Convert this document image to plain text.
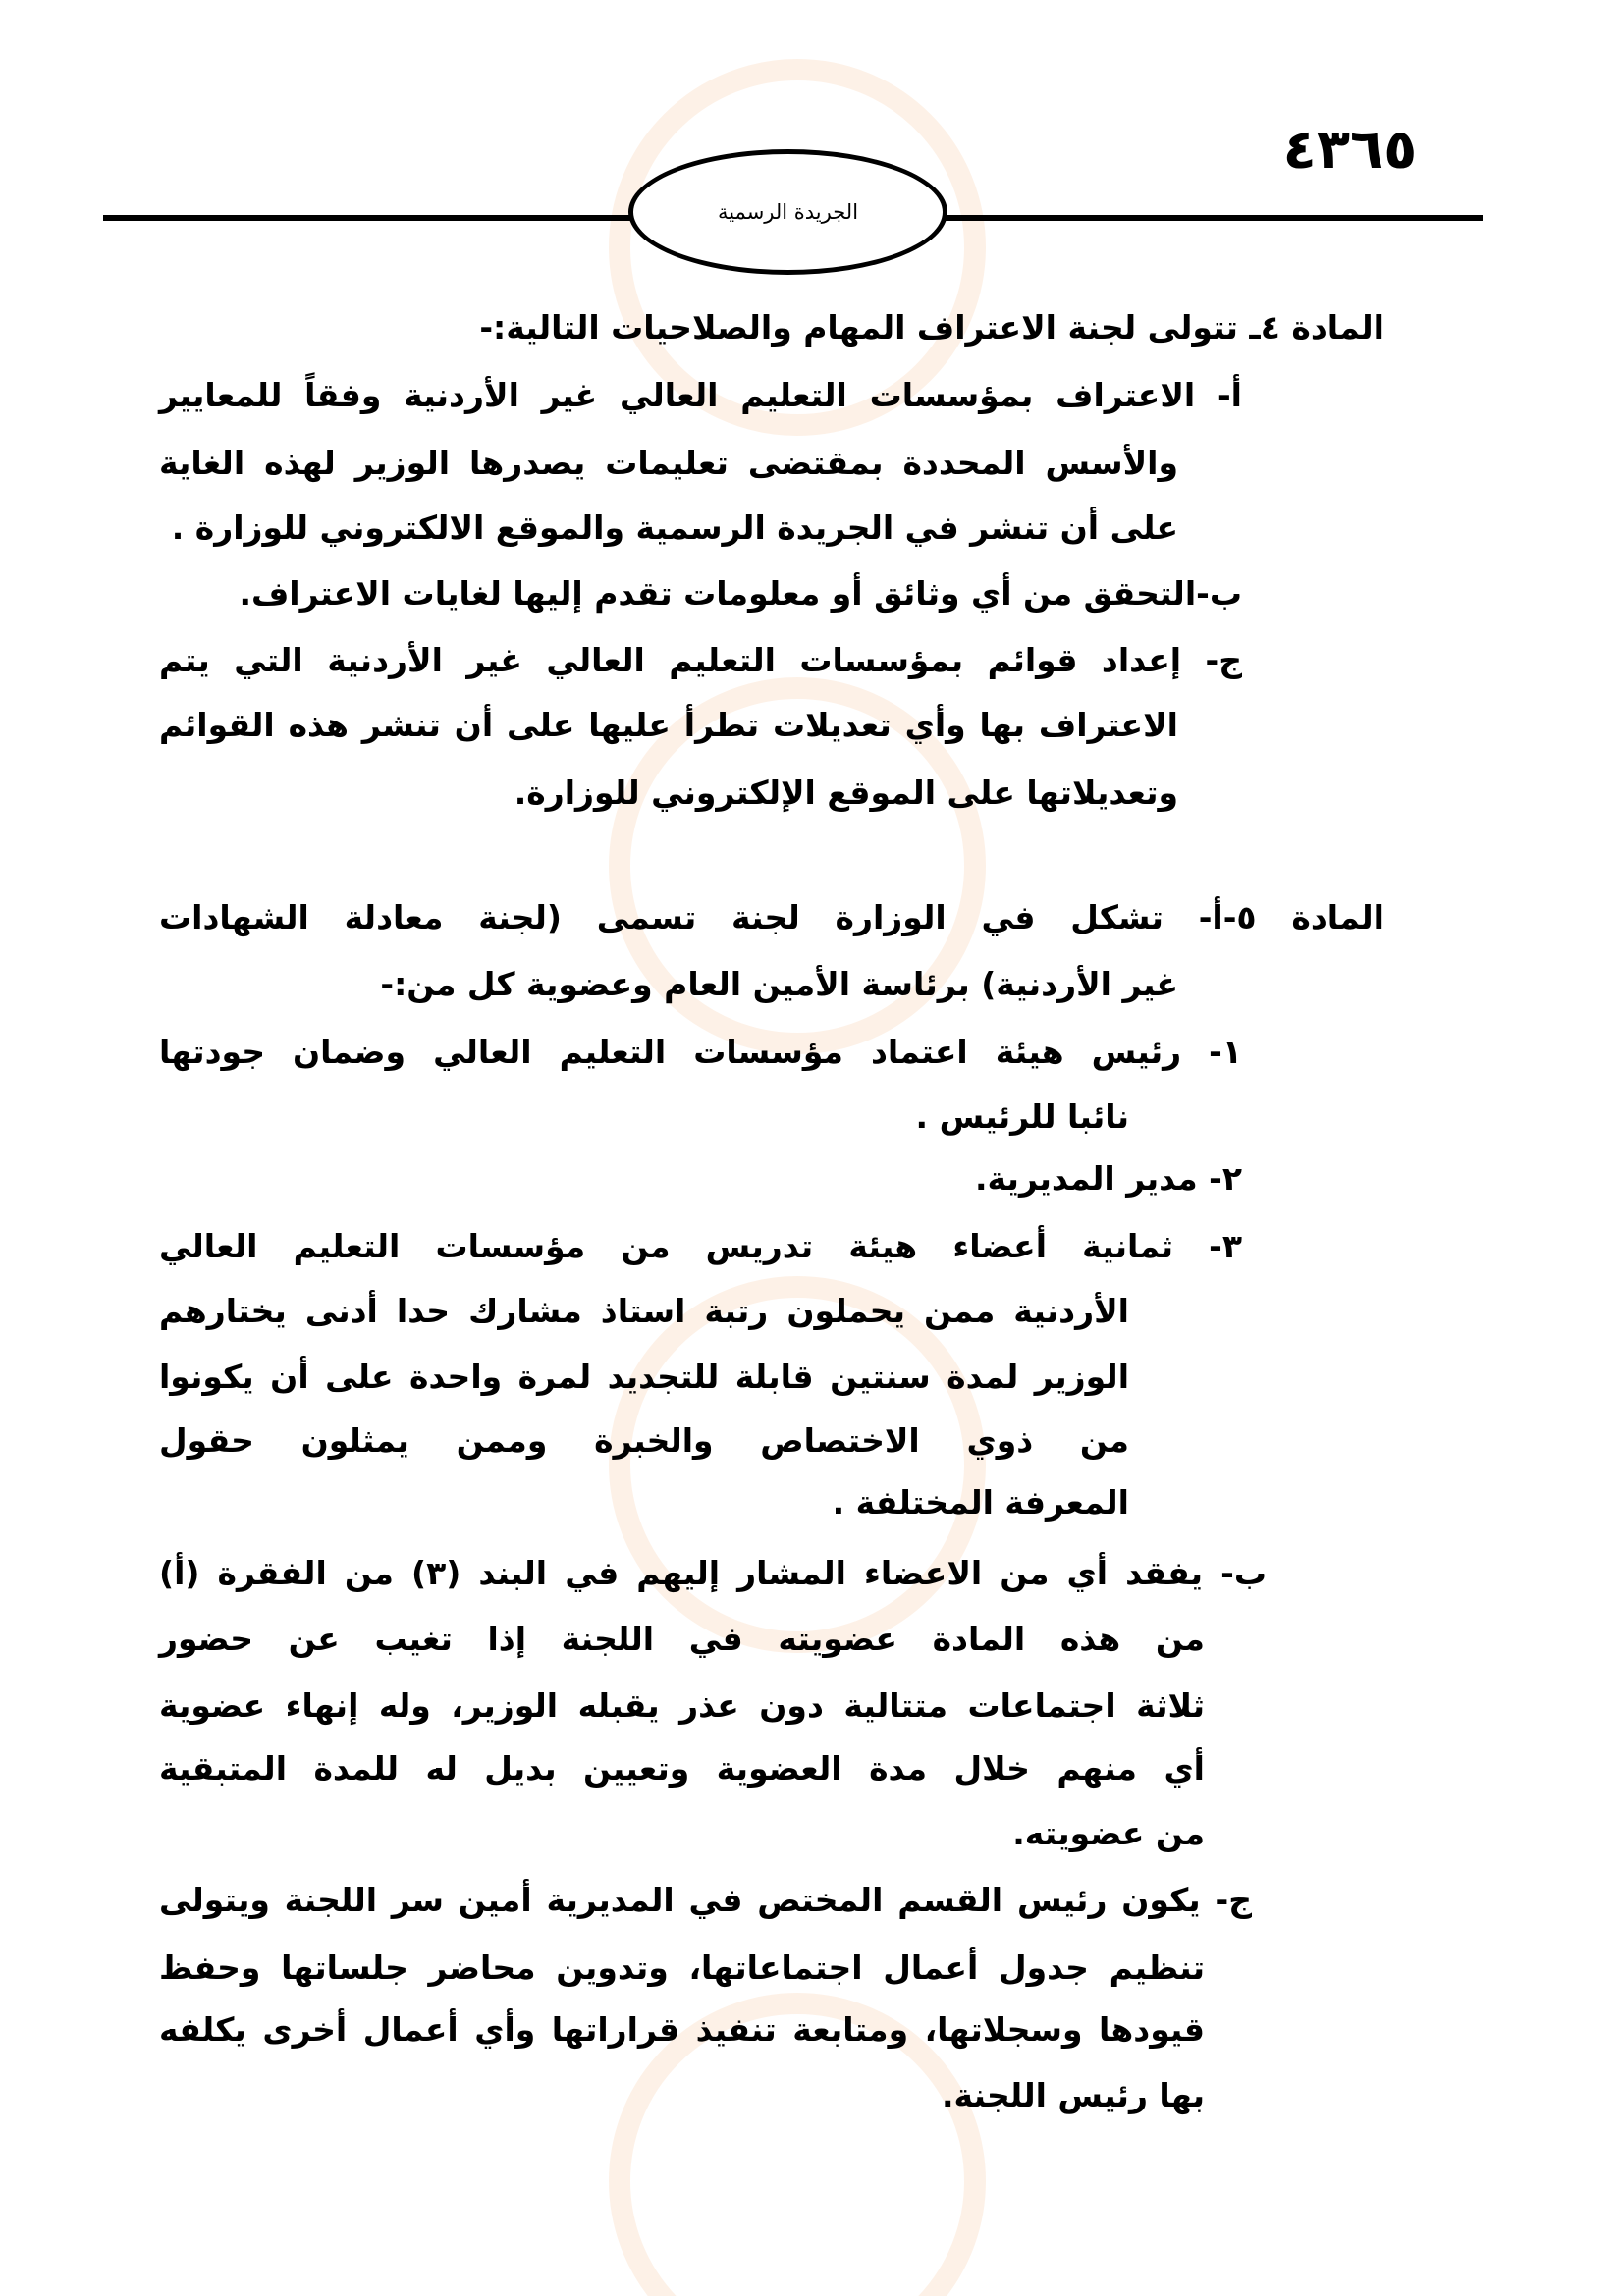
٤٣٦٥
الجريدة الرسمية
المادة ٤ـ تتولى لجنة الاعتراف المهام والصلاحيات التالية:-
أ- الاعتراف بمؤسسات التعليم العالي غير الأردنية وفقاً للمعايير
والأسس المحددة بمقتضى تعليمات يصدرها الوزير لهذه الغاية
على أن تنشر في الجريدة الرسمية والموقع الالكتروني للوزارة .
ب-التحقق من أي وثائق أو معلومات تقدم إليها لغايات الاعتراف.
ج- إعداد قوائم بمؤسسات التعليم العالي غير الأردنية التي يتم
الاعتراف بها وأي تعديلات تطرأ عليها على أن تنشر هذه القوائم
وتعديلاتها على الموقع الإلكتروني للوزارة.
المادة ٥-أ- تشكل في الوزارة لجنة تسمى (لجنة معادلة الشهادات
غير الأردنية) برئاسة الأمين العام وعضوية كل من:-
١- رئيس هيئة اعتماد مؤسسات التعليم العالي وضمان جودتها
نائبا للرئيس .
٢- مدير المديرية.
٣- ثمانية أعضاء هيئة تدريس من مؤسسات التعليم العالي
الأردنية ممن يحملون رتبة استاذ مشارك حدا أدنى يختارهم
الوزير لمدة سنتين قابلة للتجديد لمرة واحدة على أن يكونوا
من ذوي الاختصاص والخبرة وممن يمثلون حقول
المعرفة المختلفة .
ب- يفقد أي من الاعضاء المشار إليهم في البند (٣) من الفقرة (أ)
من هذه المادة عضويته في اللجنة إذا تغيب عن حضور
ثلاثة اجتماعات متتالية دون عذر يقبله الوزير، وله إنهاء عضوية
أي منهم خلال مدة العضوية وتعيين بديل له للمدة المتبقية
من عضويته.
ج- يكون رئيس القسم المختص في المديرية أمين سر اللجنة ويتولى
تنظيم جدول أعمال اجتماعاتها، وتدوين محاضر جلساتها وحفظ
قيودها وسجلاتها، ومتابعة تنفيذ قراراتها وأي أعمال أخرى يكلفه
بها رئيس اللجنة.
